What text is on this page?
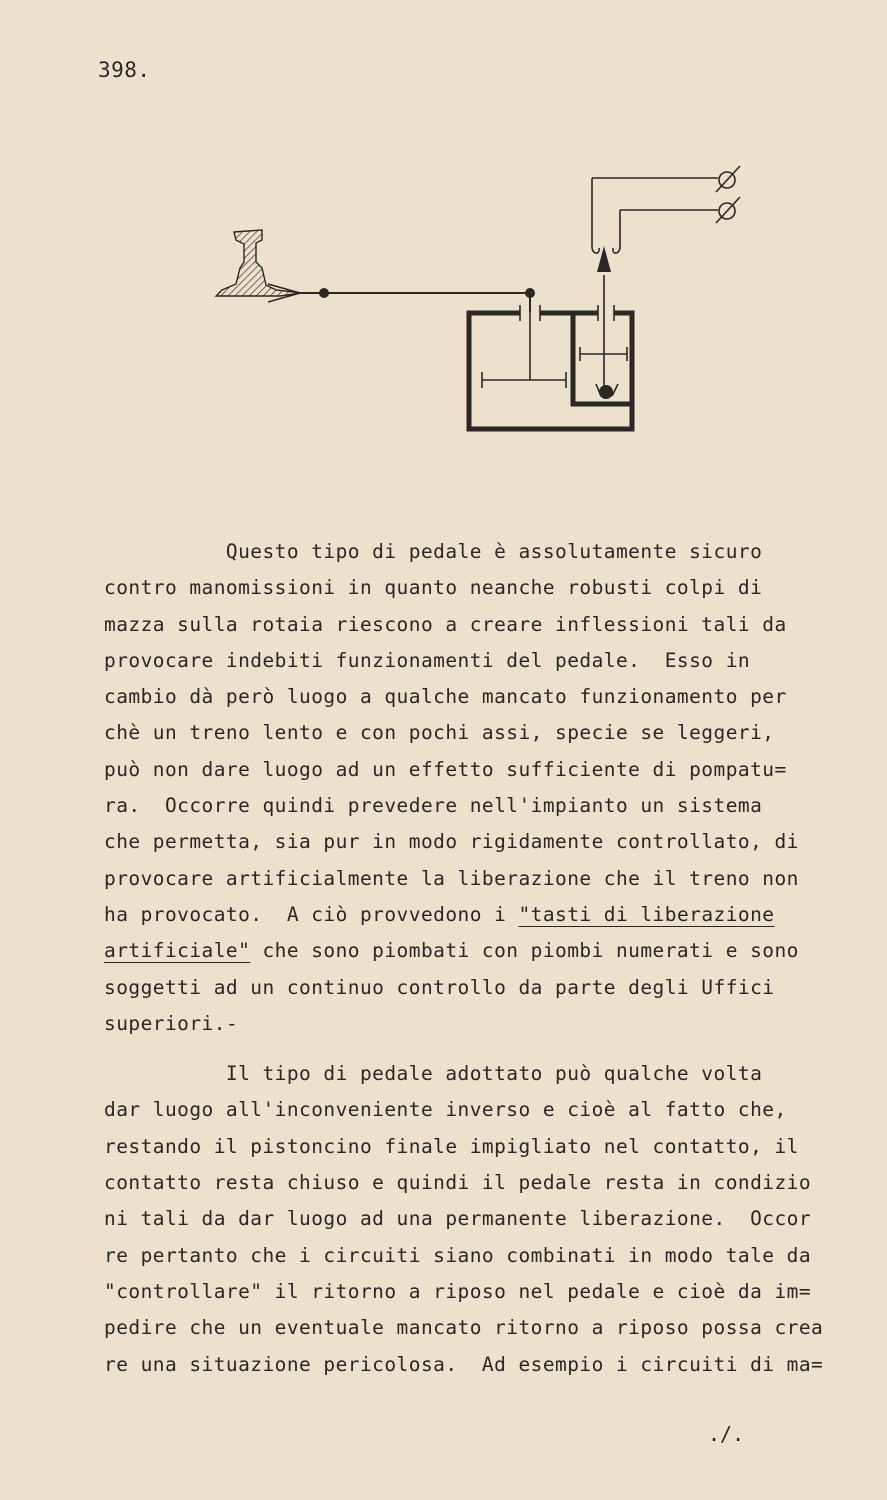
398.
Questo tipo di pedale è assolutamente sicuro
contro manomissioni in quanto neanche robusti colpi di
mazza sulla rotaia riescono a creare inflessioni tali da
provocare indebiti funzionamenti del pedale.  Esso in
cambio dà però luogo a qualche mancato funzionamento per
chè un treno lento e con pochi assi, specie se leggeri,
può non dare luogo ad un effetto sufficiente di pompatu=
ra.  Occorre quindi prevedere nell'impianto un sistema
che permetta, sia pur in modo rigidamente controllato, di
provocare artificialmente la liberazione che il treno non
ha provocato.  A ciò provvedono i "tasti di liberazione
artificiale" che sono piombati con piombi numerati e sono
soggetti ad un continuo controllo da parte degli Uffici
superiori.-
Il tipo di pedale adottato può qualche volta
dar luogo all'inconveniente inverso e cioè al fatto che,
restando il pistoncino finale impigliato nel contatto, il
contatto resta chiuso e quindi il pedale resta in condizio
ni tali da dar luogo ad una permanente liberazione.  Occor
re pertanto che i circuiti siano combinati in modo tale da
"controllare" il ritorno a riposo nel pedale e cioè da im=
pedire che un eventuale mancato ritorno a riposo possa crea
re una situazione pericolosa.  Ad esempio i circuiti di ma=
./.
